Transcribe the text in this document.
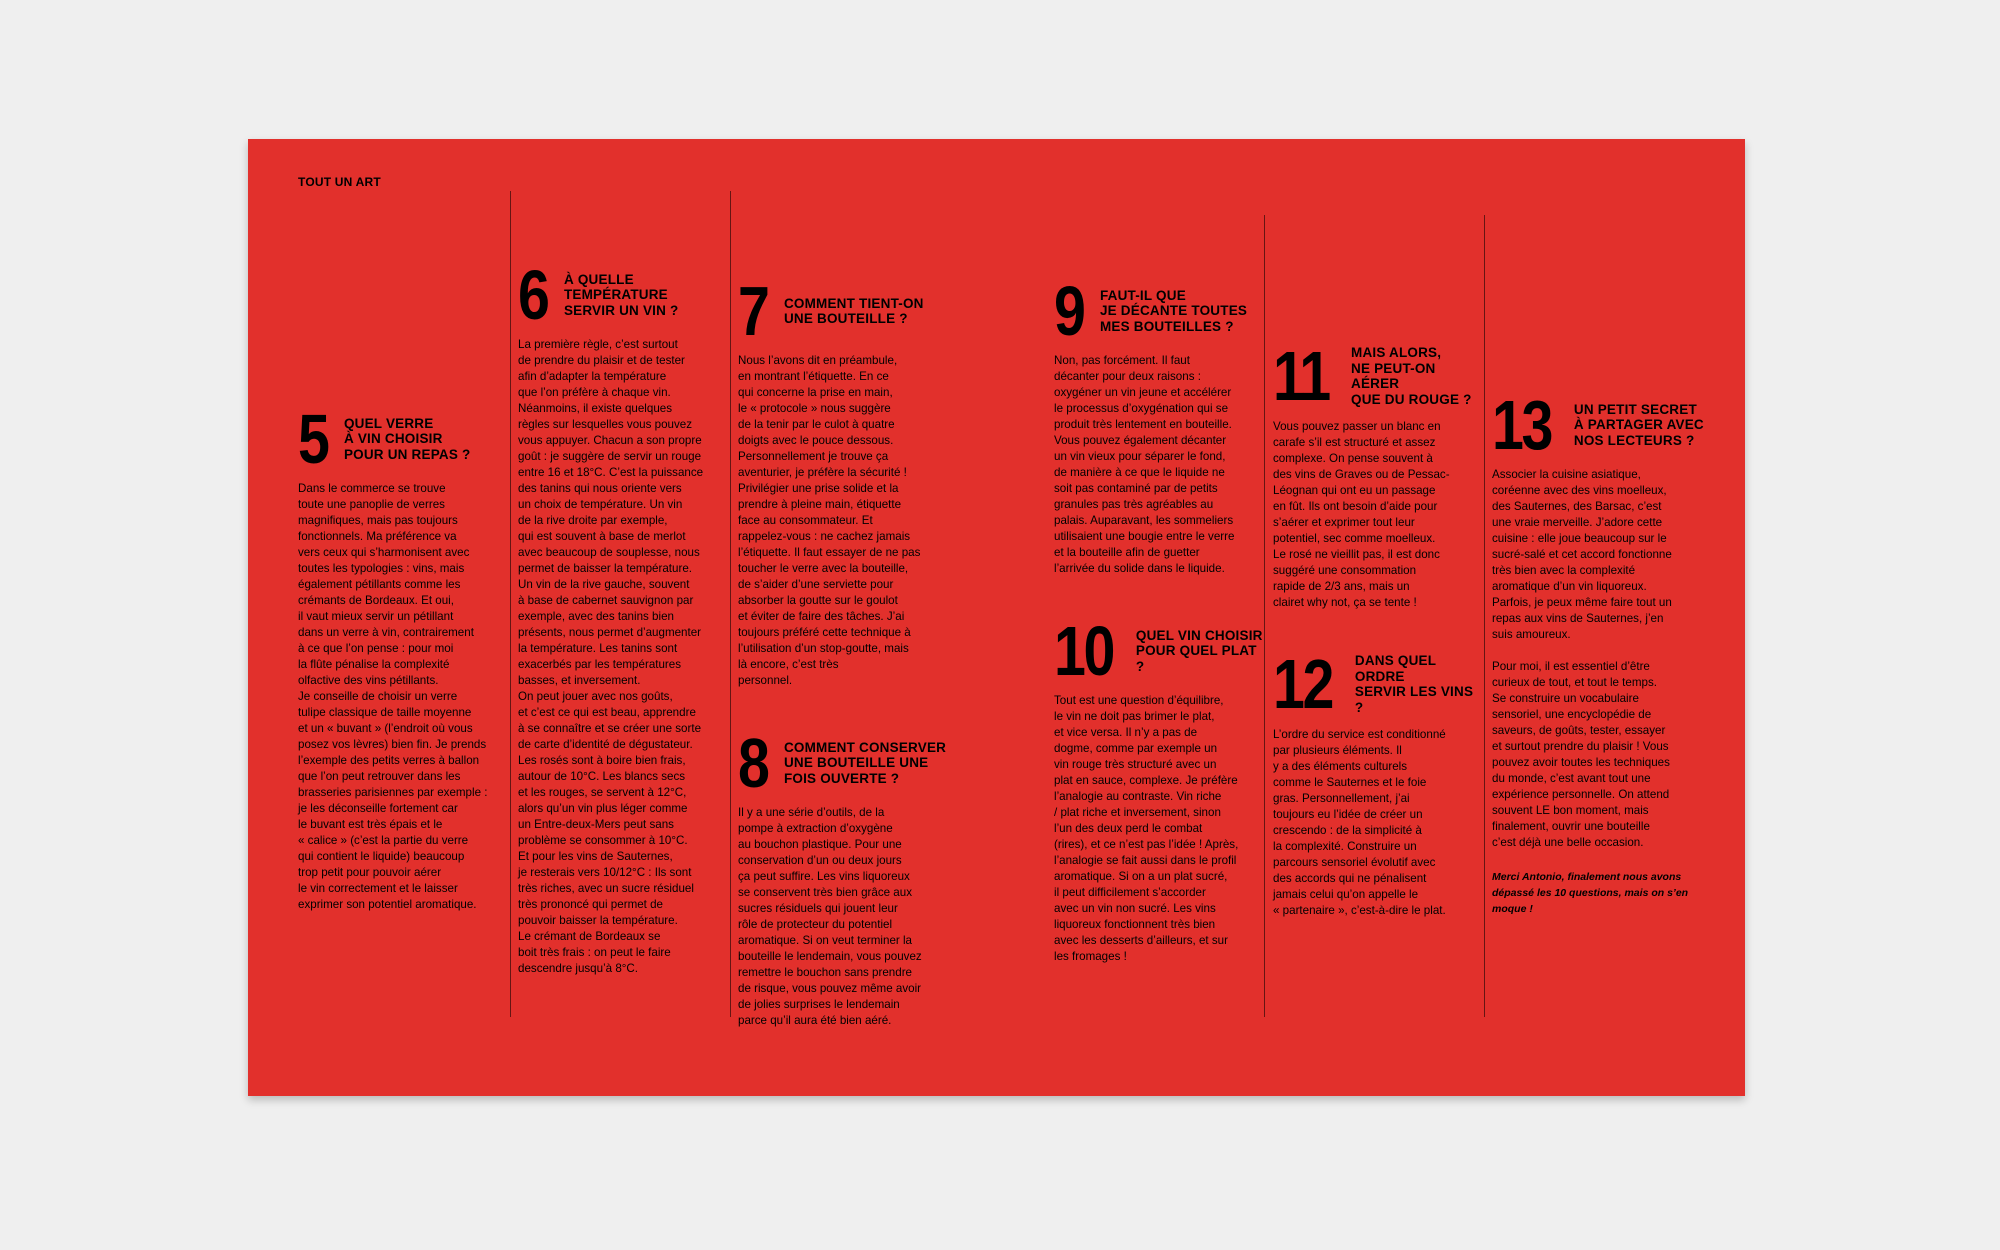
TOUT UN ART
5 QUEL VERRE
À VIN CHOISIR
POUR UN REPAS ?
Dans le commerce se trouve
toute une panoplie de verres
magnifiques, mais pas toujours
fonctionnels. Ma préférence va
vers ceux qui s’harmonisent avec
toutes les typologies : vins, mais
également pétillants comme les
crémants de Bordeaux. Et oui,
il vaut mieux servir un pétillant
dans un verre à vin, contrairement
à ce que l’on pense : pour moi
la flûte pénalise la complexité
olfactive des vins pétillants.
Je conseille de choisir un verre
tulipe classique de taille moyenne
et un « buvant » (l’endroit où vous
posez vos lèvres) bien fin. Je prends
l’exemple des petits verres à ballon
que l’on peut retrouver dans les
brasseries parisiennes par exemple :
je les déconseille fortement car
le buvant est très épais et le
« calice » (c’est la partie du verre
qui contient le liquide) beaucoup
trop petit pour pouvoir aérer
le vin correctement et le laisser
exprimer son potentiel aromatique.
6 À QUELLE
TEMPÉRATURE
SERVIR UN VIN ?
La première règle, c’est surtout
de prendre du plaisir et de tester
afin d’adapter la température
que l’on préfère à chaque vin.
Néanmoins, il existe quelques
règles sur lesquelles vous pouvez
vous appuyer. Chacun a son propre
goût : je suggère de servir un rouge
entre 16 et 18°C. C’est la puissance
des tanins qui nous oriente vers
un choix de température. Un vin
de la rive droite par exemple,
qui est souvent à base de merlot
avec beaucoup de souplesse, nous
permet de baisser la température.
Un vin de la rive gauche, souvent
à base de cabernet sauvignon par
exemple, avec des tanins bien
présents, nous permet d’augmenter
la température. Les tanins sont
exacerbés par les températures
basses, et inversement.
On peut jouer avec nos goûts,
et c’est ce qui est beau, apprendre
à se connaître et se créer une sorte
de carte d’identité de dégustateur.
Les rosés sont à boire bien frais,
autour de 10°C. Les blancs secs
et les rouges, se servent à 12°C,
alors qu’un vin plus léger comme
un Entre-deux-Mers peut sans
problème se consommer à 10°C.
Et pour les vins de Sauternes,
je resterais vers 10/12°C : Ils sont
très riches, avec un sucre résiduel
très prononcé qui permet de
pouvoir baisser la température.
Le crémant de Bordeaux se
boit très frais : on peut le faire
descendre jusqu’à 8°C.
7 COMMENT TIENT-ON
UNE BOUTEILLE ?
Nous l’avons dit en préambule,
en montrant l’étiquette. En ce
qui concerne la prise en main,
le « protocole » nous suggère
de la tenir par le culot à quatre
doigts avec le pouce dessous.
Personnellement je trouve ça
aventurier, je préfère la sécurité !
Privilégier une prise solide et la
prendre à pleine main, étiquette
face au consommateur. Et
rappelez-vous : ne cachez jamais
l’étiquette. Il faut essayer de ne pas
toucher le verre avec la bouteille,
de s’aider d’une serviette pour
absorber la goutte sur le goulot
et éviter de faire des tâches. J’ai
toujours préféré cette technique à
l’utilisation d’un stop-goutte, mais
là encore, c’est très
personnel.
8 COMMENT CONSERVER
UNE BOUTEILLE UNE
FOIS OUVERTE ?
Il y a une série d’outils, de la
pompe à extraction d’oxygène
au bouchon plastique. Pour une
conservation d’un ou deux jours
ça peut suffire. Les vins liquoreux
se conservent très bien grâce aux
sucres résiduels qui jouent leur
rôle de protecteur du potentiel
aromatique. Si on veut terminer la
bouteille le lendemain, vous pouvez
remettre le bouchon sans prendre
de risque, vous pouvez même avoir
de jolies surprises le lendemain
parce qu’il aura été bien aéré.
9 FAUT-IL QUE
JE DÉCANTE TOUTES
MES BOUTEILLES ?
Non, pas forcément. Il faut
décanter pour deux raisons :
oxygéner un vin jeune et accélérer
le processus d’oxygénation qui se
produit très lentement en bouteille.
Vous pouvez également décanter
un vin vieux pour séparer le fond,
de manière à ce que le liquide ne
soit pas contaminé par de petits
granules pas très agréables au
palais. Auparavant, les sommeliers
utilisaient une bougie entre le verre
et la bouteille afin de guetter
l’arrivée du solide dans le liquide.
10 QUEL VIN CHOISIR
POUR QUEL PLAT ?
Tout est une question d’équilibre,
le vin ne doit pas brimer le plat,
et vice versa. Il n’y a pas de
dogme, comme par exemple un
vin rouge très structuré avec un
plat en sauce, complexe. Je préfère
l’analogie au contraste. Vin riche
/ plat riche et inversement, sinon
l’un des deux perd le combat
(rires), et ce n’est pas l’idée ! Après,
l’analogie se fait aussi dans le profil
aromatique. Si on a un plat sucré,
il peut difficilement s’accorder
avec un vin non sucré. Les vins
liquoreux fonctionnent très bien
avec les desserts d’ailleurs, et sur
les fromages !
11 MAIS ALORS,
NE PEUT-ON AÉRER
QUE DU ROUGE ?
Vous pouvez passer un blanc en
carafe s’il est structuré et assez
complexe. On pense souvent à
des vins de Graves ou de Pessac-
Léognan qui ont eu un passage
en fût. Ils ont besoin d’aide pour
s’aérer et exprimer tout leur
potentiel, sec comme moelleux.
Le rosé ne vieillit pas, il est donc
suggéré une consommation
rapide de 2/3 ans, mais un
clairet why not, ça se tente !
12 DANS QUEL ORDRE
SERVIR LES VINS ?
L’ordre du service est conditionné
par plusieurs éléments. Il
y a des éléments culturels
comme le Sauternes et le foie
gras. Personnellement, j’ai
toujours eu l’idée de créer un
crescendo : de la simplicité à
la complexité. Construire un
parcours sensoriel évolutif avec
des accords qui ne pénalisent
jamais celui qu’on appelle le
« partenaire », c’est-à-dire le plat.
13 UN PETIT SECRET
À PARTAGER AVEC
NOS LECTEURS ?
Associer la cuisine asiatique,
coréenne avec des vins moelleux,
des Sauternes, des Barsac, c’est
une vraie merveille. J’adore cette
cuisine : elle joue beaucoup sur le
sucré-salé et cet accord fonctionne
très bien avec la complexité
aromatique d’un vin liquoreux.
Parfois, je peux même faire tout un
repas aux vins de Sauternes, j’en
suis amoureux.
Pour moi, il est essentiel d’être
curieux de tout, et tout le temps.
Se construire un vocabulaire
sensoriel, une encyclopédie de
saveurs, de goûts, tester, essayer
et surtout prendre du plaisir ! Vous
pouvez avoir toutes les techniques
du monde, c’est avant tout une
expérience personnelle. On attend
souvent LE bon moment, mais
finalement, ouvrir une bouteille
c’est déjà une belle occasion.
Merci Antonio, finalement nous avons
dépassé les 10 questions, mais on s’en
moque !
